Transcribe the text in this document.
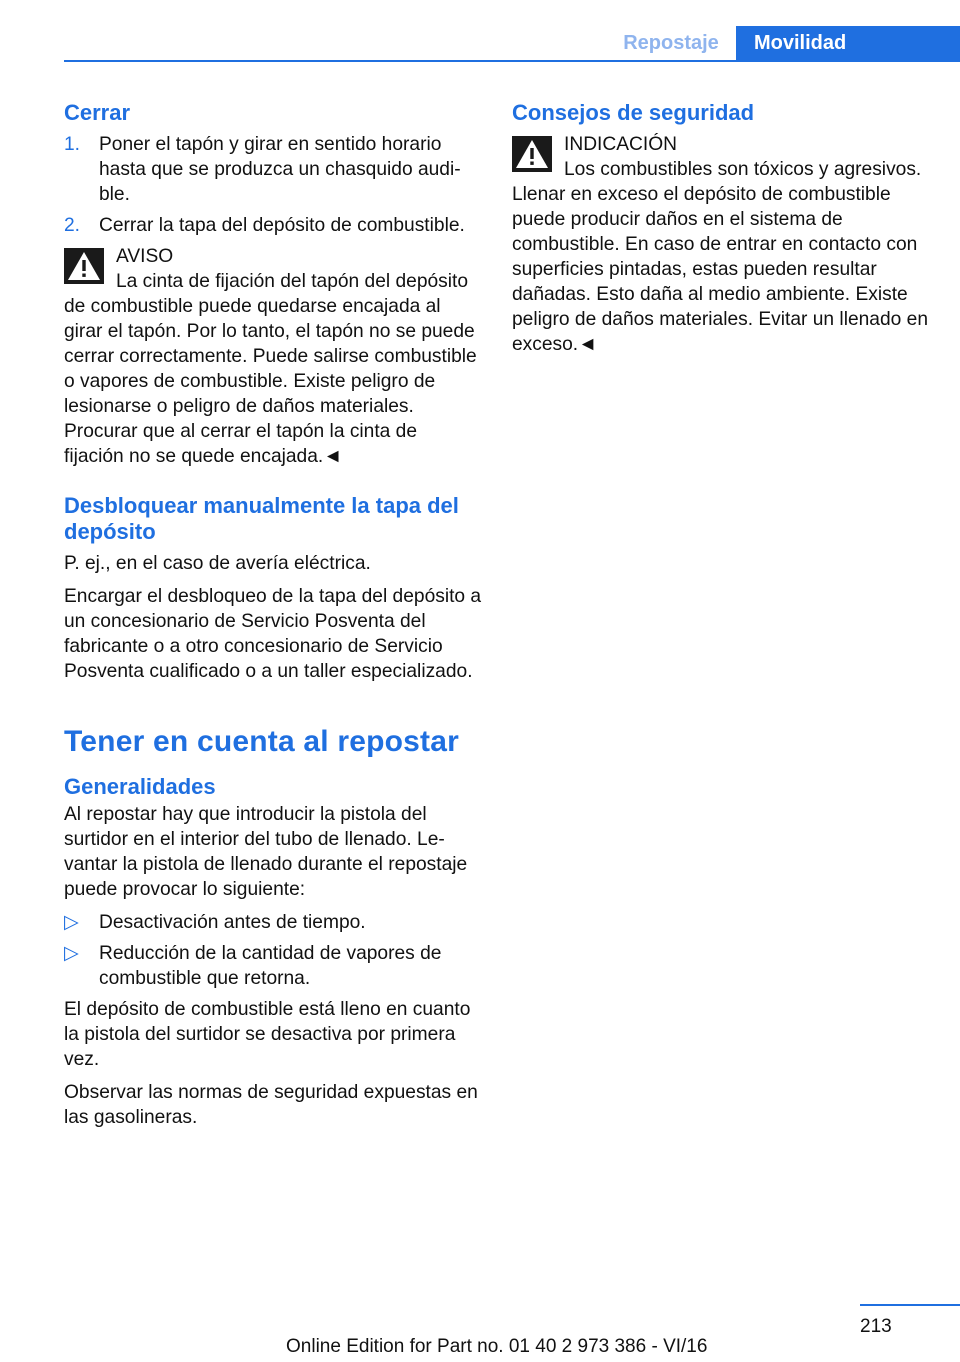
Repostaje	Movilidad
Cerrar
1. Poner el tapón y girar en sentido horario hasta que se produzca un chasquido audible.
2. Cerrar la tapa del depósito de combustible.
AVISO
La cinta de fijación del tapón del depósito de combustible puede quedarse encajada al girar el tapón. Por lo tanto, el tapón no se puede cerrar correctamente. Puede salirse combustible o vapores de combustible. Existe peligro de lesionarse o peligro de daños materiales. Procurar que al cerrar el tapón la cinta de fijación no se quede encajada.◄
Desbloquear manualmente la tapa del depósito

P. ej., en el caso de avería eléctrica.

Encargar el desbloqueo de la tapa del depósito a un concesionario de Servicio Posventa del fabricante o a otro concesionario de Servicio Posventa cualificado o a un taller especializado.

Tener en cuenta al repostar
Generalidades

Al repostar hay que introducir la pistola del surtidor en el interior del tubo de llenado. Levantar la pistola de llenado durante el repostaje puede provocar lo siguiente:

▷ Desactivación antes de tiempo.
▷ Reducción de la cantidad de vapores de combustible que retorna.

El depósito de combustible está lleno en cuanto la pistola del surtidor se desactiva por primera vez.

Observar las normas de seguridad expuestas en las gasolineras.

Consejos de seguridad
INDICACIÓN
Los combustibles son tóxicos y agresivos. Llenar en exceso el depósito de combustible puede producir daños en el sistema de combustible. En caso de entrar en contacto con superficies pintadas, estas pueden resultar dañadas. Esto daña al medio ambiente. Existe peligro de daños materiales. Evitar un llenado en exceso.◄
213
Online Edition for Part no. 01 40 2 973 386 - VI/16
